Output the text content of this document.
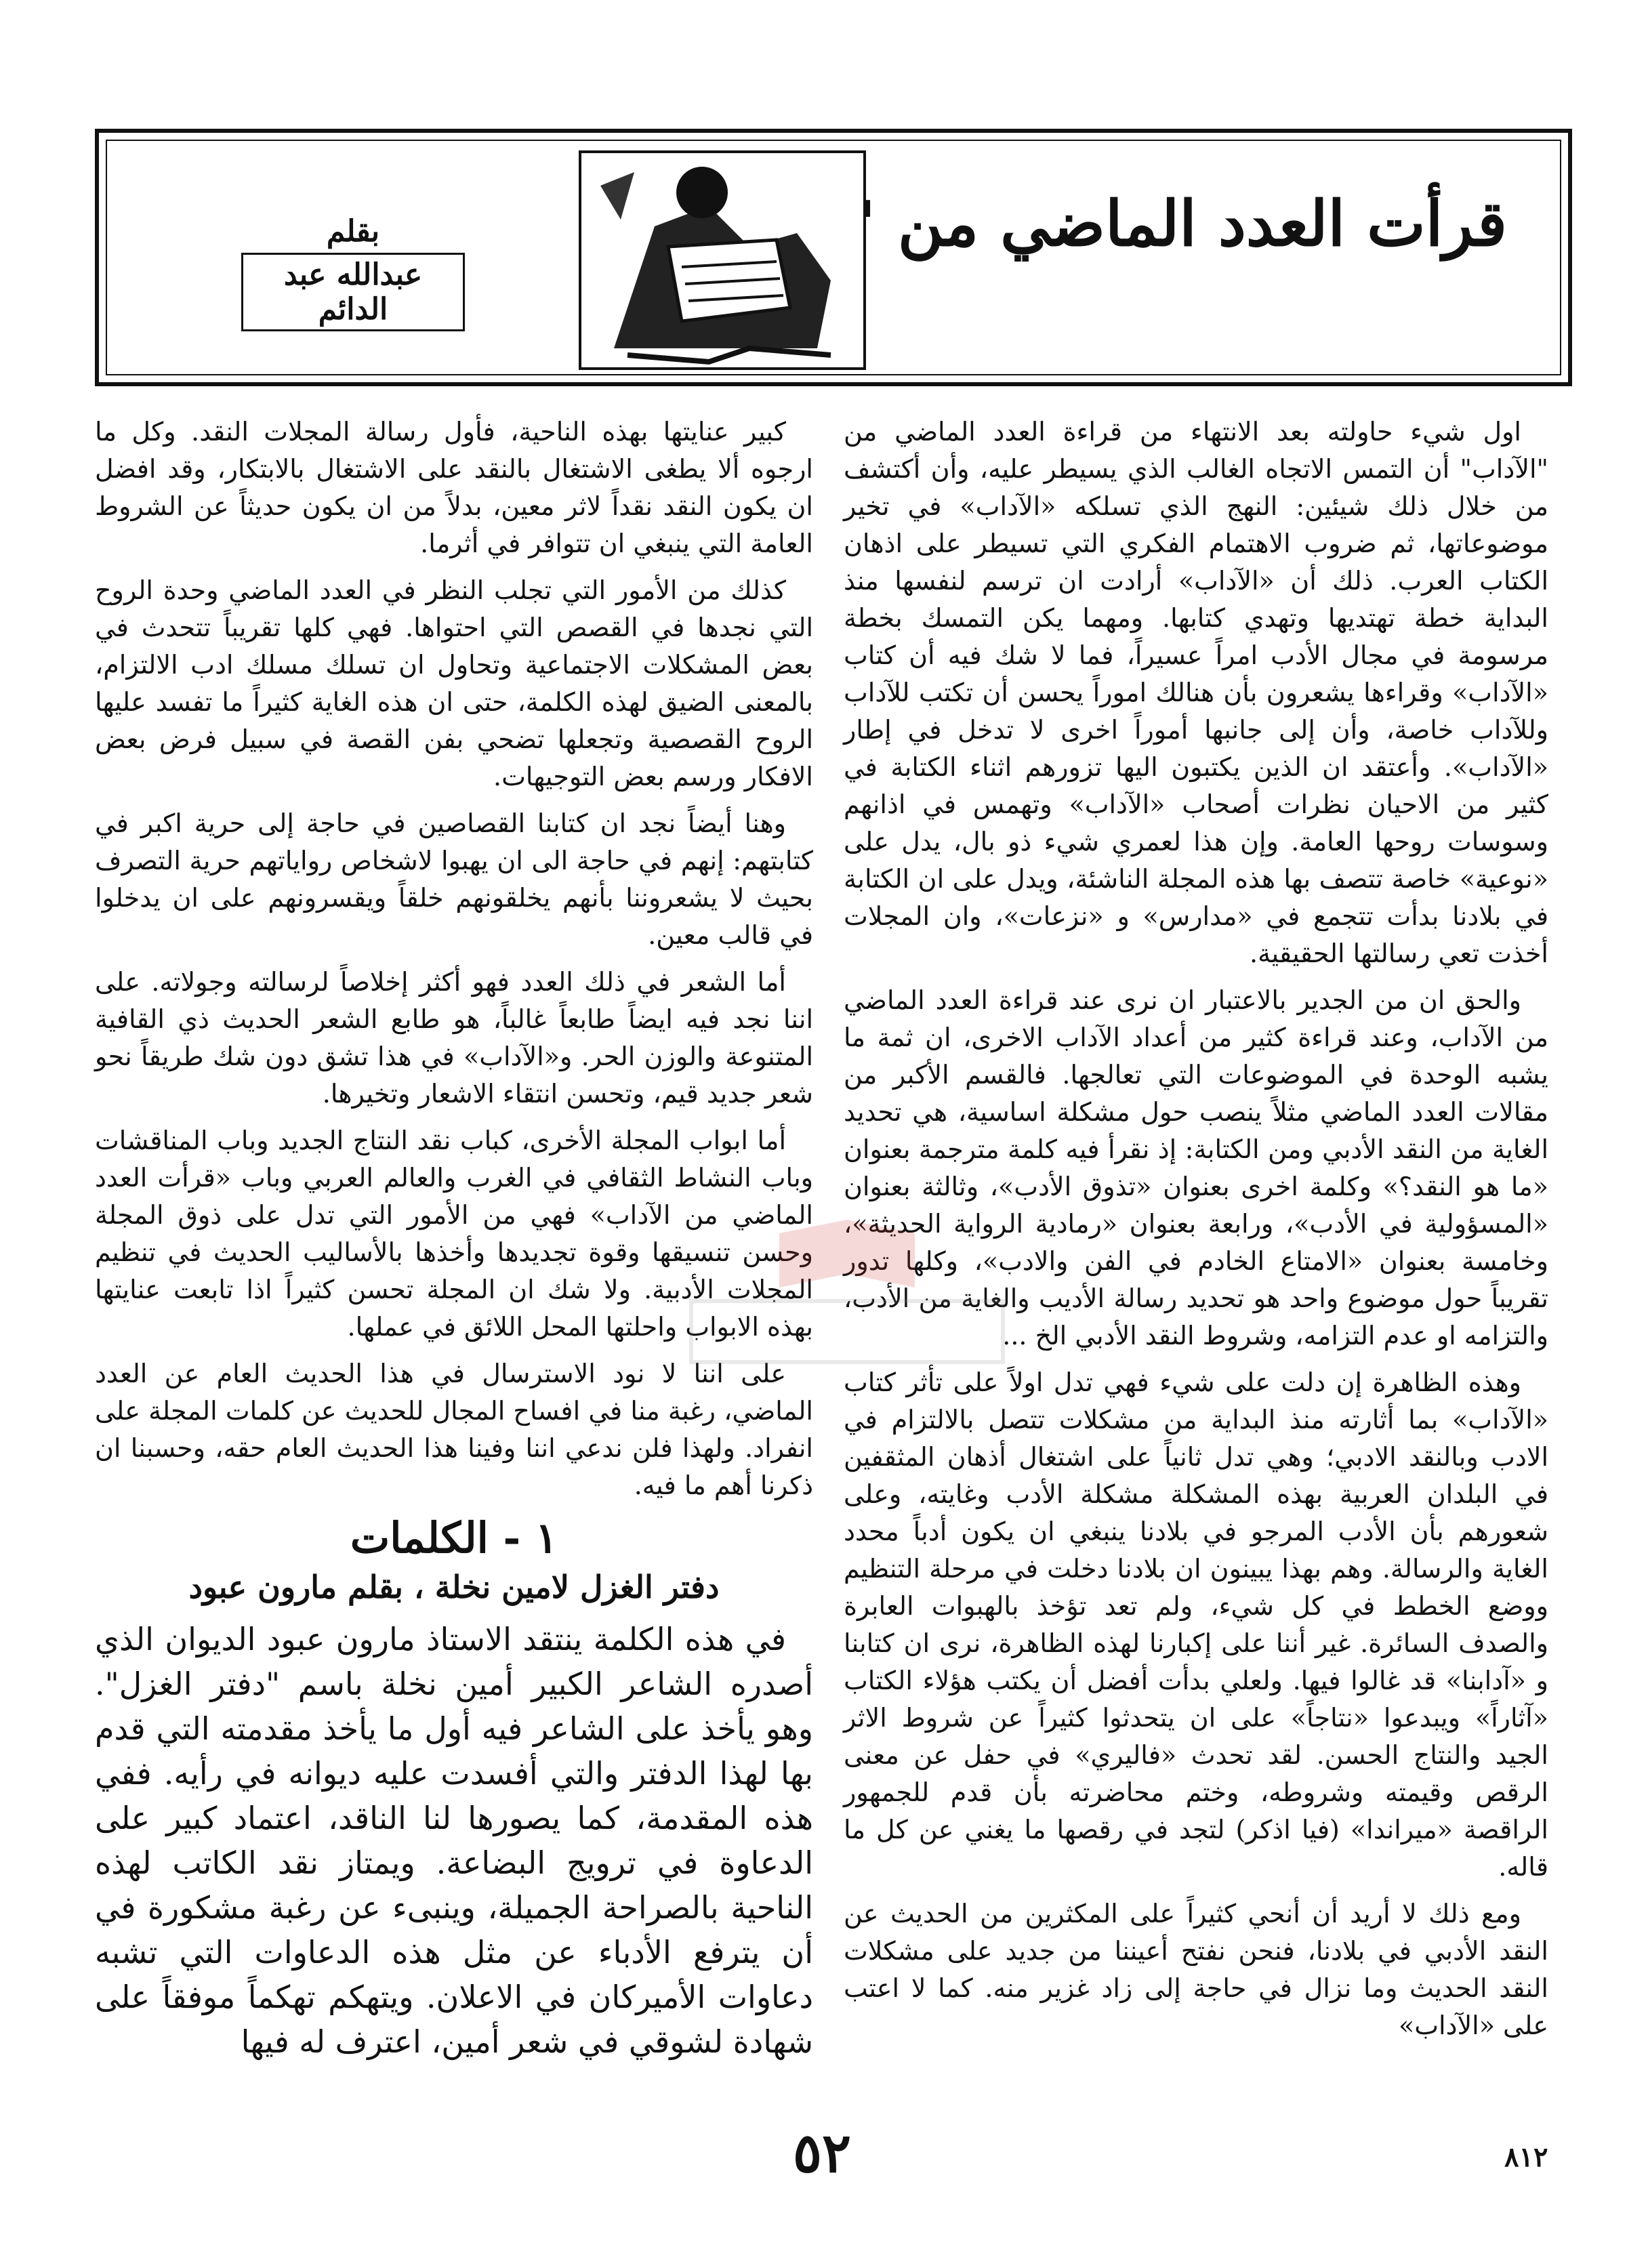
قرأت العدد الماضي من "الآداب"
بقلم
عبدالله عبد الدائم

اول شيء حاولته بعد الانتهاء من قراءة العدد الماضي من "الآداب" أن التمس الاتجاه الغالب الذي يسيطر عليه، وأن أكتشف من خلال ذلك شيئين: النهج الذي تسلكه «الآداب» في تخير موضوعاتها، ثم ضروب الاهتمام الفكري التي تسيطر على اذهان الكتاب العرب. ذلك أن «الآداب» أرادت ان ترسم لنفسها منذ البداية خطة تهتديها وتهدي كتابها. ومهما يكن التمسك بخطة مرسومة في مجال الأدب امراً عسيراً، فما لا شك فيه أن كتاب «الآداب» وقراءها يشعرون بأن هنالك اموراً يحسن أن تكتب للآداب وللآداب خاصة، وأن إلى جانبها أموراً اخرى لا تدخل في إطار «الآداب». وأعتقد ان الذين يكتبون اليها تزورهم اثناء الكتابة في كثير من الاحيان نظرات أصحاب «الآداب» وتهمس في اذانهم وسوسات روحها العامة. وإن هذا لعمري شيء ذو بال، يدل على «نوعية» خاصة تتصف بها هذه المجلة الناشئة، ويدل على ان الكتابة في بلادنا بدأت تتجمع في «مدارس» و «نزعات»، وان المجلات أخذت تعي رسالتها الحقيقية.

والحق ان من الجدير بالاعتبار ان نرى عند قراءة العدد الماضي من الآداب، وعند قراءة كثير من أعداد الآداب الاخرى، ان ثمة ما يشبه الوحدة في الموضوعات التي تعالجها. فالقسم الأكبر من مقالات العدد الماضي مثلاً ينصب حول مشكلة اساسية، هي تحديد الغاية من النقد الأدبي ومن الكتابة: إذ نقرأ فيه كلمة مترجمة بعنوان «ما هو النقد؟» وكلمة اخرى بعنوان «تذوق الأدب»، وثالثة بعنوان «المسؤولية في الأدب»، ورابعة بعنوان «رمادية الرواية الحديثة»، وخامسة بعنوان «الامتاع الخادم في الفن والادب»، وكلها تدور تقريباً حول موضوع واحد هو تحديد رسالة الأديب والغاية من الأدب، والتزامه او عدم التزامه، وشروط النقد الأدبي الخ ...

وهذه الظاهرة إن دلت على شيء فهي تدل اولاً على تأثر كتاب «الآداب» بما أثارته منذ البداية من مشكلات تتصل بالالتزام في الادب وبالنقد الادبي؛ وهي تدل ثانياً على اشتغال أذهان المثقفين في البلدان العربية بهذه المشكلة مشكلة الأدب وغايته، وعلى شعورهم بأن الأدب المرجو في بلادنا ينبغي ان يكون أدباً محدد الغاية والرسالة. وهم بهذا يبينون ان بلادنا دخلت في مرحلة التنظيم ووضع الخطط في كل شيء، ولم تعد تؤخذ بالهبوات العابرة والصدف السائرة. غير أننا على إكبارنا لهذه الظاهرة، نرى ان كتابنا و «آدابنا» قد غالوا فيها. ولعلي بدأت أفضل أن يكتب هؤلاء الكتاب «آثاراً» ويبدعوا «نتاجاً» على ان يتحدثوا كثيراً عن شروط الاثر الجيد والنتاج الحسن. لقد تحدث «فاليري» في حفل عن معنى الرقص وقيمته وشروطه، وختم محاضرته بأن قدم للجمهور الراقصة «ميراندا» (فيا اذكر) لتجد في رقصها ما يغني عن كل ما قاله.

ومع ذلك لا أريد أن أنحي كثيراً على المكثرين من الحديث عن النقد الأدبي في بلادنا، فنحن نفتح أعيننا من جديد على مشكلات النقد الحديث وما نزال في حاجة إلى زاد غزير منه. كما لا اعتب على «الآداب»

كبير عنايتها بهذه الناحية، فأول رسالة المجلات النقد. وكل ما ارجوه ألا يطغى الاشتغال بالنقد على الاشتغال بالابتكار، وقد افضل ان يكون النقد نقداً لاثر معين، بدلاً من ان يكون حديثاً عن الشروط العامة التي ينبغي ان تتوافر في أثرما.

كذلك من الأمور التي تجلب النظر في العدد الماضي وحدة الروح التي نجدها في القصص التي احتواها. فهي كلها تقريباً تتحدث في بعض المشكلات الاجتماعية وتحاول ان تسلك مسلك ادب الالتزام، بالمعنى الضيق لهذه الكلمة، حتى ان هذه الغاية كثيراً ما تفسد عليها الروح القصصية وتجعلها تضحي بفن القصة في سبيل فرض بعض الافكار ورسم بعض التوجيهات.

وهنا أيضاً نجد ان كتابنا القصاصين في حاجة إلى حرية اكبر في كتابتهم: إنهم في حاجة الى ان يهبوا لاشخاص رواياتهم حرية التصرف بحيث لا يشعروننا بأنهم يخلقونهم خلقاً ويقسرونهم على ان يدخلوا في قالب معين.

أما الشعر في ذلك العدد فهو أكثر إخلاصاً لرسالته وجولاته. على اننا نجد فيه ايضاً طابعاً غالباً، هو طابع الشعر الحديث ذي القافية المتنوعة والوزن الحر. و«الآداب» في هذا تشق دون شك طريقاً نحو شعر جديد قيم، وتحسن انتقاء الاشعار وتخيرها.

أما ابواب المجلة الأخرى، كباب نقد النتاج الجديد وباب المناقشات وباب النشاط الثقافي في الغرب والعالم العربي وباب «قرأت العدد الماضي من الآداب» فهي من الأمور التي تدل على ذوق المجلة وحسن تنسيقها وقوة تجديدها وأخذها بالأساليب الحديث في تنظيم المجلات الأدبية. ولا شك ان المجلة تحسن كثيراً اذا تابعت عنايتها بهذه الابواب واحلتها المحل اللائق في عملها.

على اننا لا نود الاسترسال في هذا الحديث العام عن العدد الماضي، رغبة منا في افساح المجال للحديث عن كلمات المجلة على انفراد. ولهذا فلن ندعي اننا وفينا هذا الحديث العام حقه، وحسبنا ان ذكرنا أهم ما فيه.

١ - الكلمات
دفتر الغزل لامين نخلة ، بقلم مارون عبود

في هذه الكلمة ينتقد الاستاذ مارون عبود الديوان الذي أصدره الشاعر الكبير أمين نخلة باسم "دفتر الغزل". وهو يأخذ على الشاعر فيه أول ما يأخذ مقدمته التي قدم بها لهذا الدفتر والتي أفسدت عليه ديوانه في رأيه. ففي هذه المقدمة، كما يصورها لنا الناقد، اعتماد كبير على الدعاوة في ترويج البضاعة. ويمتاز نقد الكاتب لهذه الناحية بالصراحة الجميلة، وينبىء عن رغبة مشكورة في أن يترفع الأدباء عن مثل هذه الدعاوات التي تشبه دعاوات الأميركان في الاعلان. ويتهكم تهكماً موفقاً على شهادة لشوقي في شعر أمين، اعترف له فيها

٥٢	٨١٢
